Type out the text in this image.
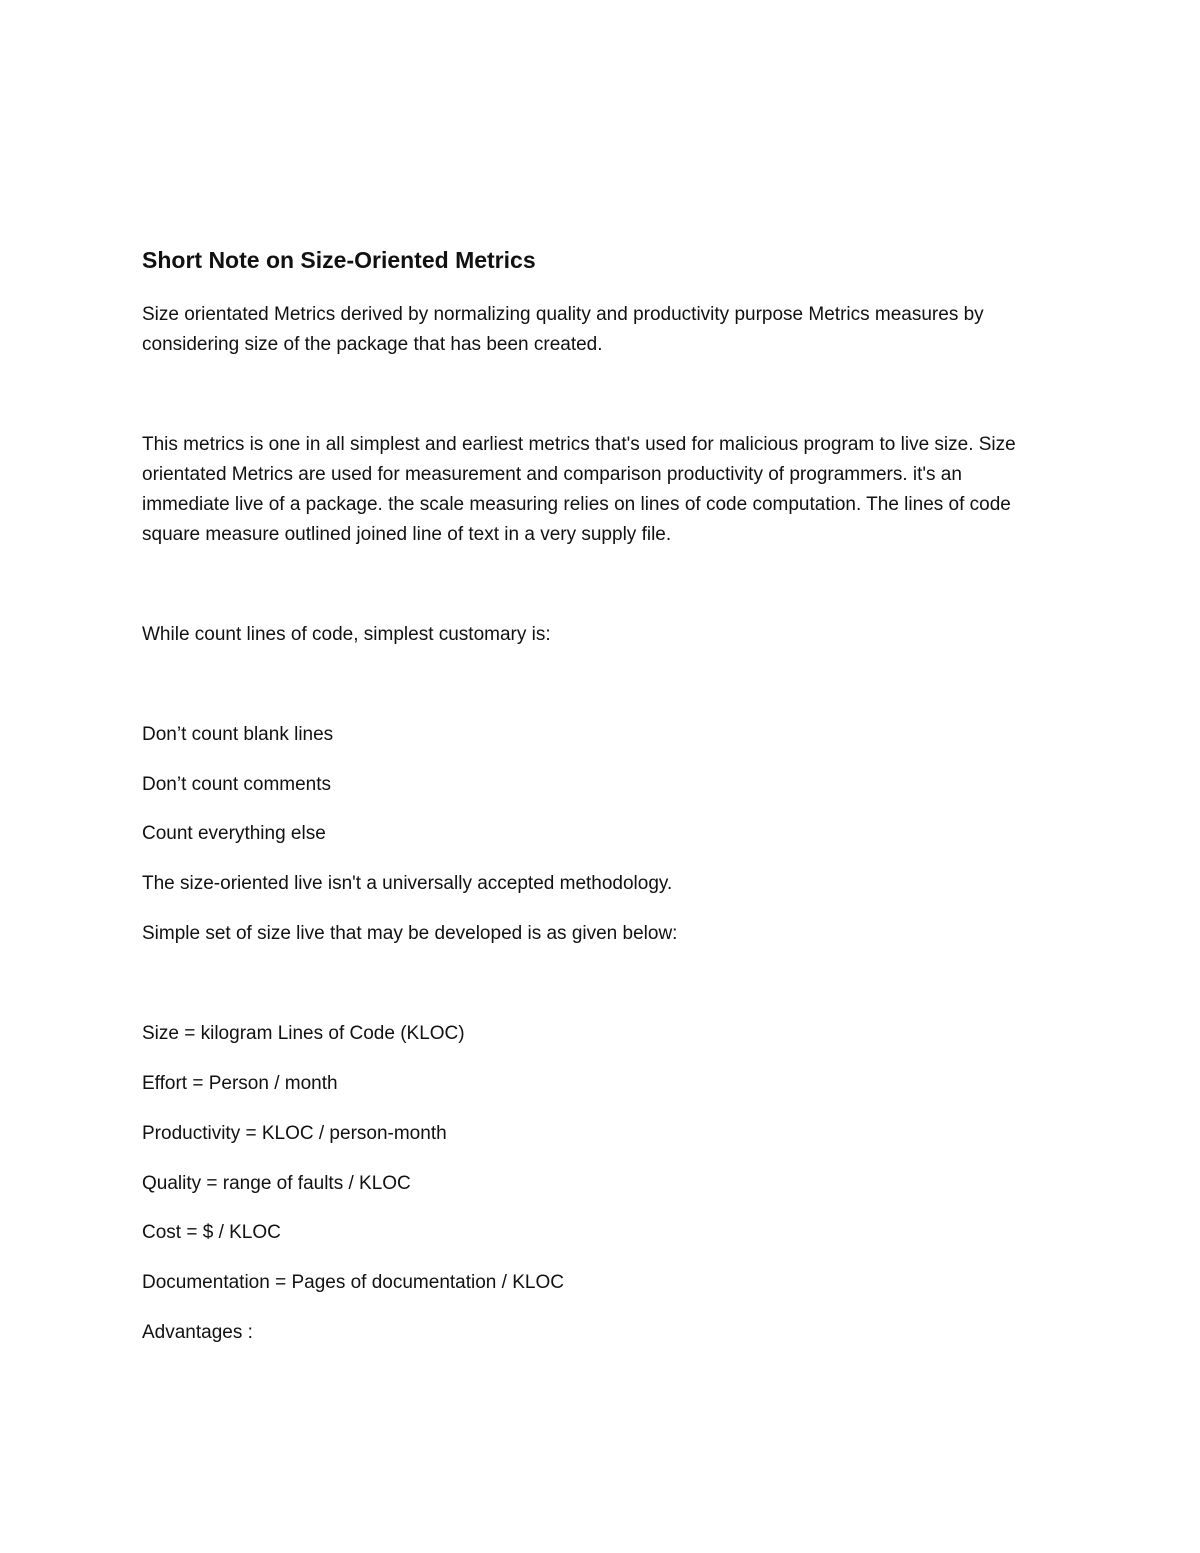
Short Note on Size-Oriented Metrics
Size orientated Metrics derived by normalizing quality and productivity purpose Metrics measures by
considering size of the package that has been created.
This metrics is one in all simplest and earliest metrics that's used for malicious program to live size. Size
orientated Metrics are used for measurement and comparison productivity of programmers. it's an
immediate live of a package. the scale measuring relies on lines of code computation. The lines of code
square measure outlined joined line of text in a very supply file.
While count lines of code, simplest customary is:
Don’t count blank lines
Don’t count comments
Count everything else
The size-oriented live isn't a universally accepted methodology.
Simple set of size live that may be developed is as given below:
Size = kilogram Lines of Code (KLOC)
Effort = Person / month
Productivity = KLOC / person-month
Quality = range of faults / KLOC
Cost = $ / KLOC
Documentation = Pages of documentation / KLOC
Advantages :
